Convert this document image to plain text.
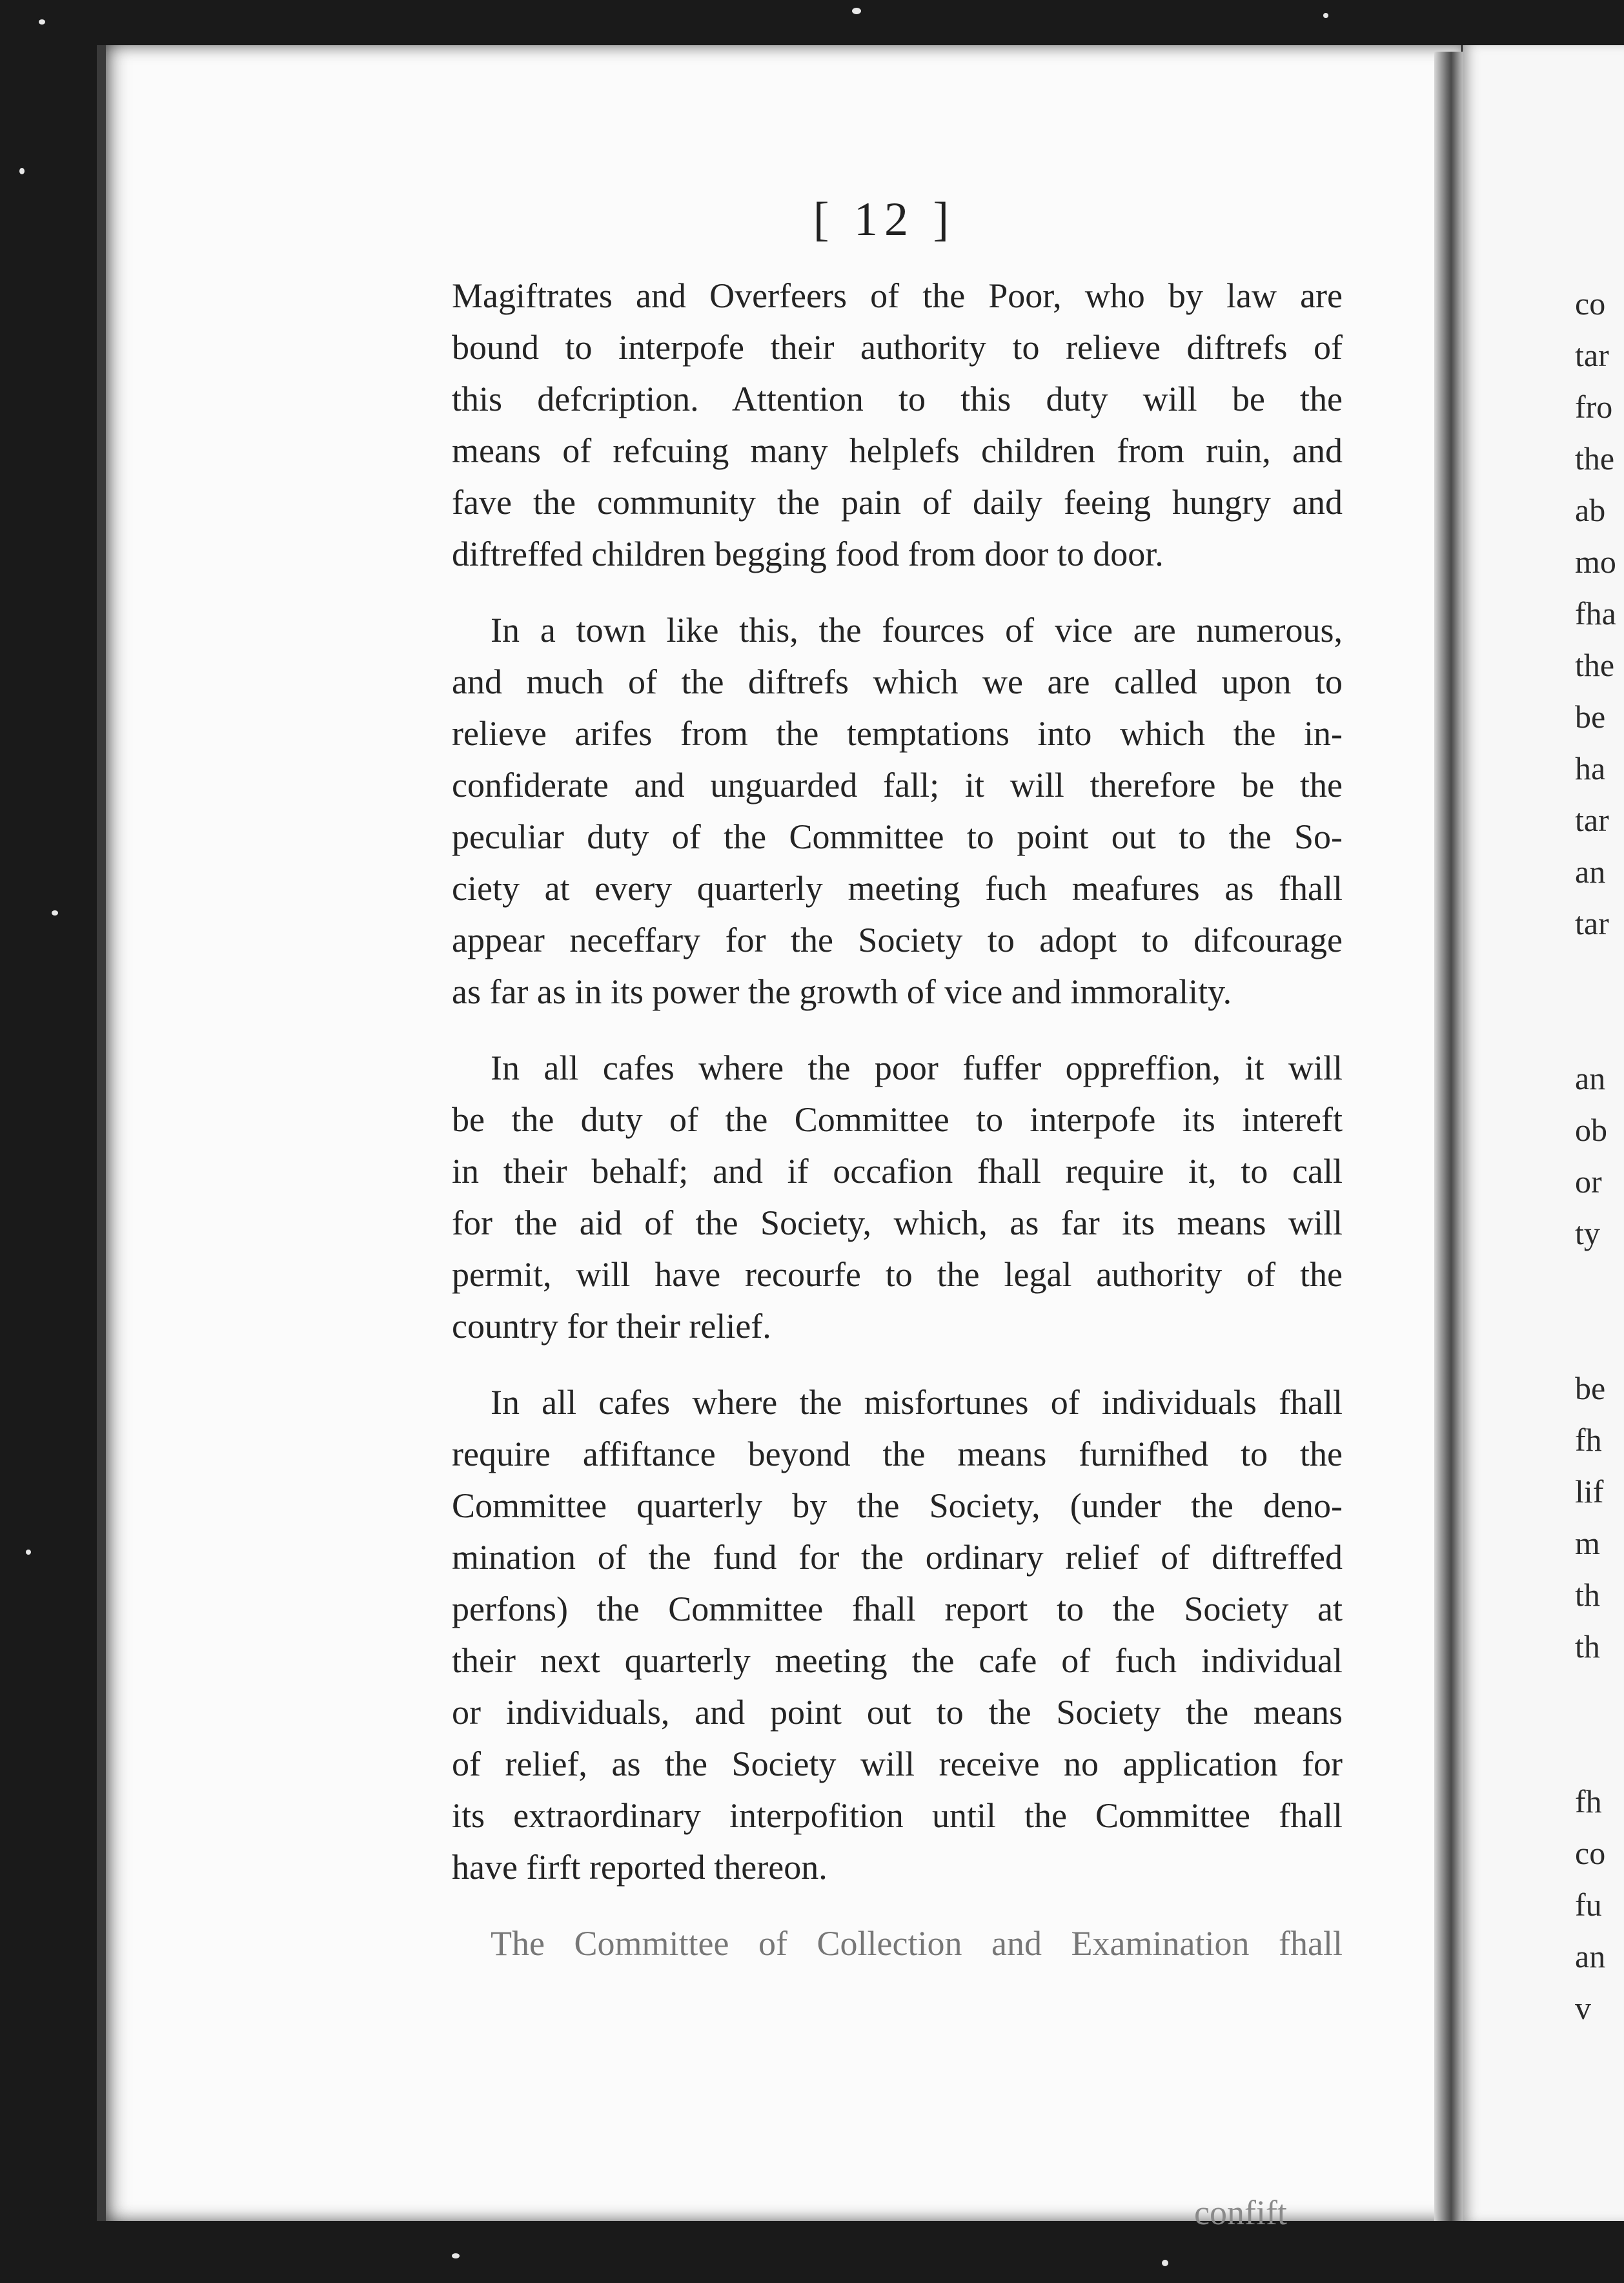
[ 12 ]
Magiftrates and Overfeers of the Poor, who by law are
bound to interpofe their authority to relieve diftrefs of
this defcription. Attention to this duty will be the
means of refcuing many helplefs children from ruin, and
fave the community the pain of daily feeing hungry and
diftreffed children begging food from door to door.
In a town like this, the fources of vice are numerous,
and much of the diftrefs which we are called upon to
relieve arifes from the temptations into which the in-
confiderate and unguarded fall; it will therefore be the
peculiar duty of the Committee to point out to the So-
ciety at every quarterly meeting fuch meafures as fhall
appear neceffary for the Society to adopt to difcourage
as far as in its power the growth of vice and immorality.
In all cafes where the poor fuffer oppreffion, it will
be the duty of the Committee to interpofe its intereft
in their behalf; and if occafion fhall require it, to call
for the aid of the Society, which, as far its means will
permit, will have recourfe to the legal authority of the
country for their relief.
In all cafes where the misfortunes of individuals fhall
require affiftance beyond the means furnifhed to the
Committee quarterly by the Society, (under the deno-
mination of the fund for the ordinary relief of diftreffed
perfons) the Committee fhall report to the Society at
their next quarterly meeting the cafe of fuch individual
or individuals, and point out to the Society the means
of relief, as the Society will receive no application for
its extraordinary interpofition until the Committee fhall
have firft reported thereon.
The Committee of Collection and Examination fhall
confift
co
tar
fro
the
ab
mo
fha
the
be
ha
tar
an
tar
an
ob
or
ty
be
fh
lif
m
th
th
fh
co
fu
an
v
